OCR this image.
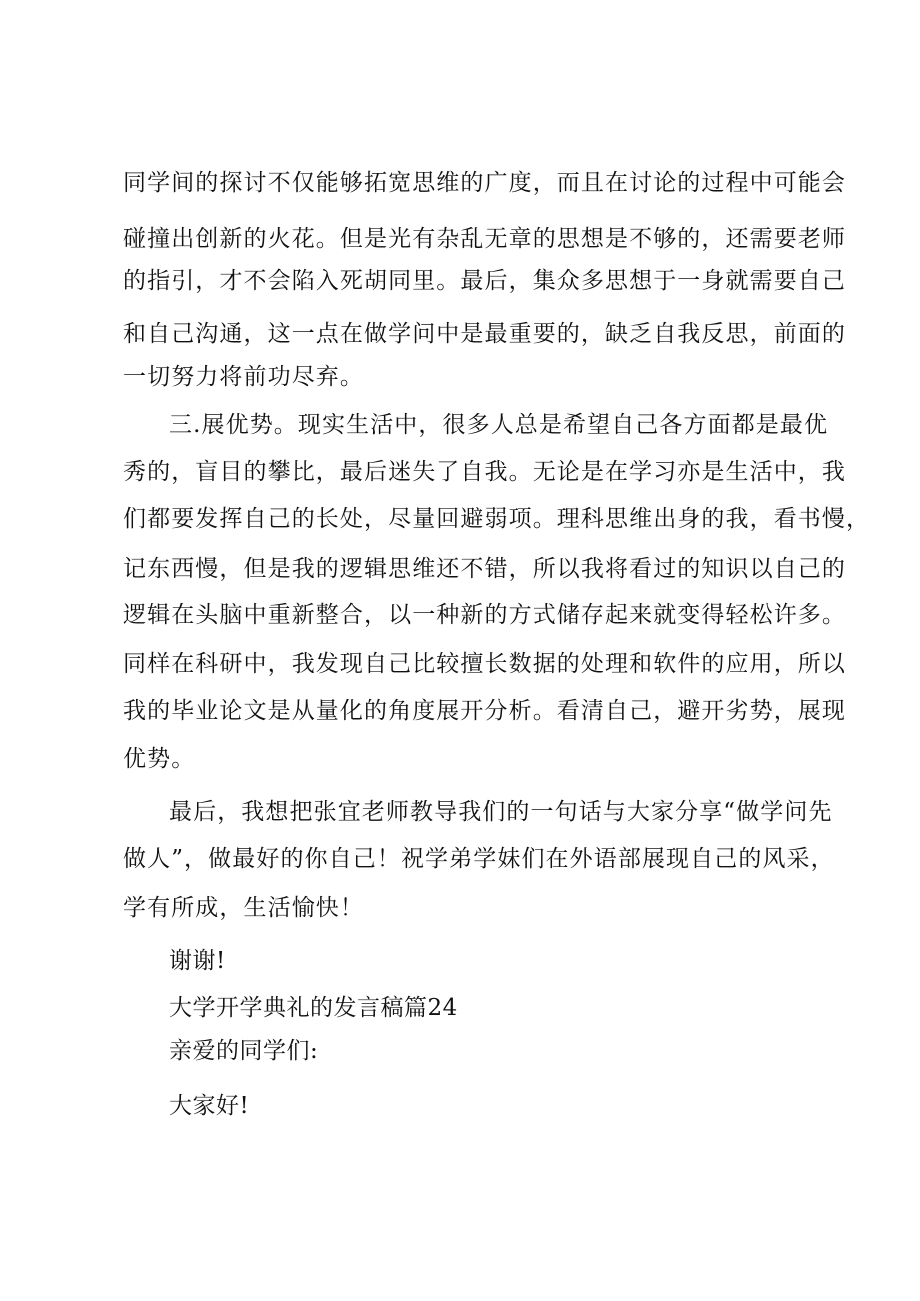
同学间的探讨不仅能够拓宽思维的广度，而且在讨论的过程中可能会
碰撞出创新的火花。但是光有杂乱无章的思想是不够的，还需要老师
的指引，才不会陷入死胡同里。最后，集众多思想于一身就需要自己
和自己沟通，这一点在做学问中是最重要的，缺乏自我反思，前面的
一切努力将前功尽弃。
三.展优势。现实生活中，很多人总是希望自己各方面都是最优
秀的，盲目的攀比，最后迷失了自我。无论是在学习亦是生活中，我
们都要发挥自己的长处，尽量回避弱项。理科思维出身的我，看书慢，
记东西慢，但是我的逻辑思维还不错，所以我将看过的知识以自己的
逻辑在头脑中重新整合，以一种新的方式储存起来就变得轻松许多。
同样在科研中，我发现自己比较擅长数据的处理和软件的应用，所以
我的毕业论文是从量化的角度展开分析。看清自己，避开劣势，展现
优势。
最后，我想把张宜老师教导我们的一句话与大家分享“做学问先
做人”，做最好的你自己！祝学弟学妹们在外语部展现自己的风采，
学有所成，生活愉快！
谢谢!
大学开学典礼的发言稿篇24
亲爱的同学们:
大家好!
